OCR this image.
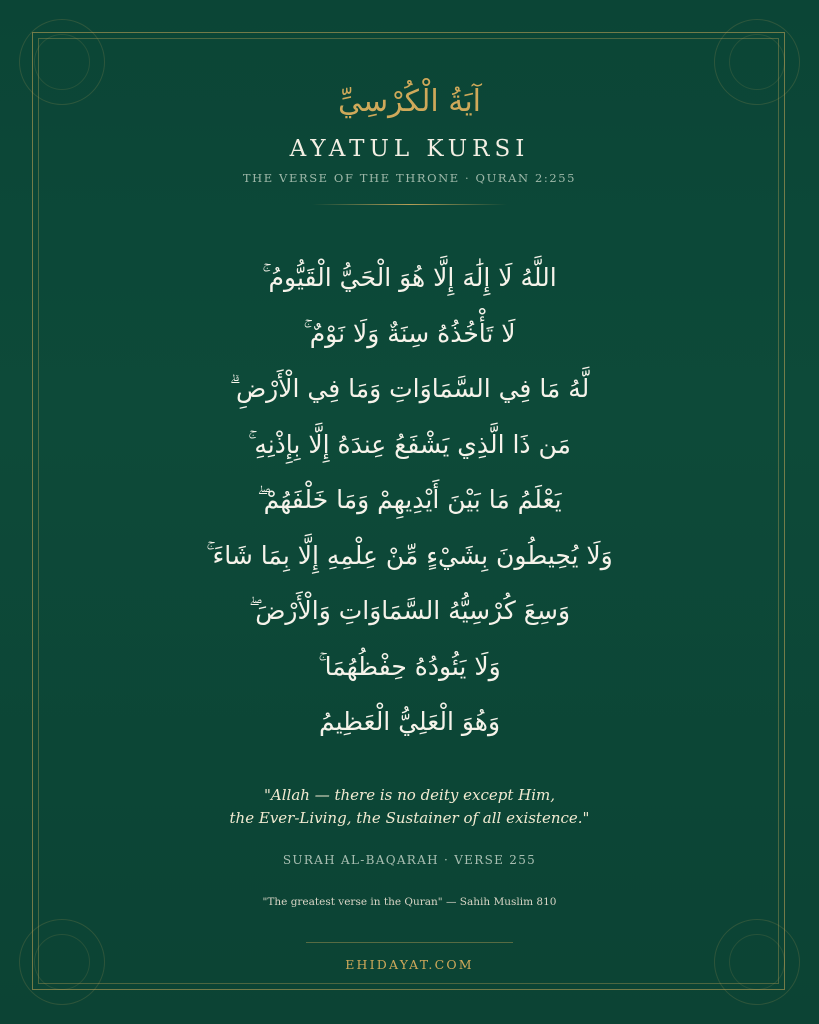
آيَةُ الْكُرْسِيِّ
AYATUL KURSI
THE VERSE OF THE THRONE · QURAN 2:255
اللَّهُ لَا إِلَٰهَ إِلَّا هُوَ الْحَيُّ الْقَيُّومُ ۚ
لَا تَأْخُذُهُ سِنَةٌ وَلَا نَوْمٌ ۚ
لَّهُ مَا فِي السَّمَاوَاتِ وَمَا فِي الْأَرْضِ ۗ
مَن ذَا الَّذِي يَشْفَعُ عِندَهُ إِلَّا بِإِذْنِهِ ۚ
يَعْلَمُ مَا بَيْنَ أَيْدِيهِمْ وَمَا خَلْفَهُمْ ۖ
وَلَا يُحِيطُونَ بِشَيْءٍ مِّنْ عِلْمِهِ إِلَّا بِمَا شَاءَ ۚ
وَسِعَ كُرْسِيُّهُ السَّمَاوَاتِ وَالْأَرْضَ ۖ
وَلَا يَئُودُهُ حِفْظُهُمَا ۚ
وَهُوَ الْعَلِيُّ الْعَظِيمُ
"Allah — there is no deity except Him,
the Ever-Living, the Sustainer of all existence."
SURAH AL-BAQARAH · VERSE 255
"The greatest verse in the Quran" — Sahih Muslim 810
EHIDAYAT.COM
